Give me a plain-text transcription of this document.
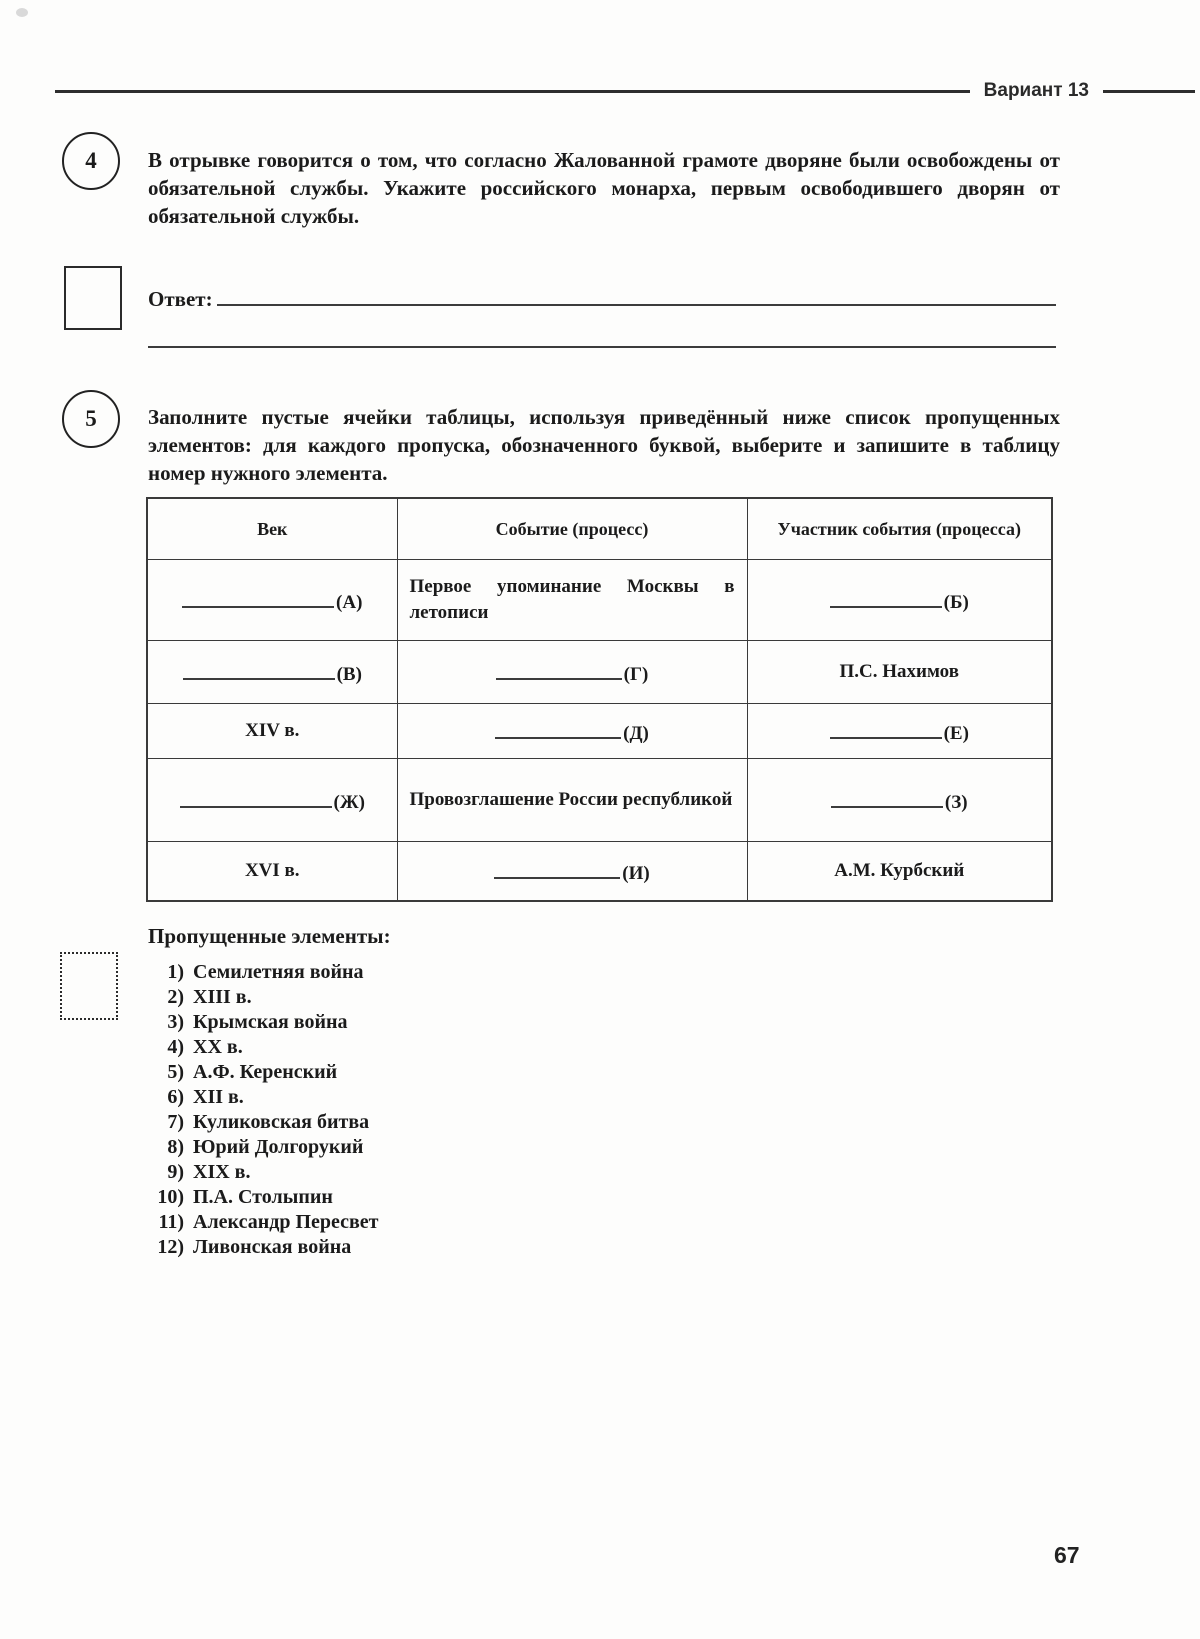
Вариант 13
4 В отрывке говорится о том, что согласно Жалованной грамоте дворяне были освобождены от обязательной службы. Укажите российского монарха, первым освободившего дворян от обязательной службы.
Ответ:
5 Заполните пустые ячейки таблицы, используя приведённый ниже список пропущенных элементов: для каждого пропуска, обозначенного буквой, выберите и запишите в таблицу номер нужного элемента.
Век	Событие (процесс)	Участник события (процесса)
(А)	Первое упоминание Москвы в летописи	(Б)
(В)	(Г)	П.С. Нахимов
XIV в.	(Д)	(Е)
(Ж)	Провозглашение России республикой	(З)
XVI в.	(И)	А.М. Курбский
Пропущенные элементы:
1) Семилетняя война
2) XIII в.
3) Крымская война
4) XX в.
5) А.Ф. Керенский
6) XII в.
7) Куликовская битва
8) Юрий Долгорукий
9) XIX в.
10) П.А. Столыпин
11) Александр Пересвет
12) Ливонская война
67
